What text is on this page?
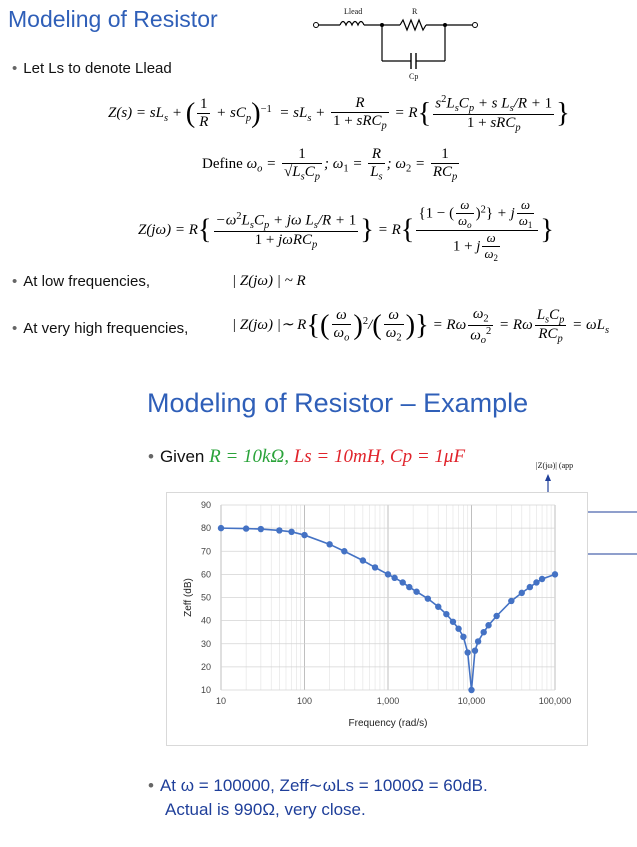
Modeling of Resistor	Llead	R
Cp
• Let Ls to denote Llead
$Z(s) = sL_s$ + ( $\frac{1}{R} + sC_p)^{-1} = sL_s + \frac{R}{1 + sRC_p} = R\{ \frac{s^2L_sC_p + s L_s/R + 1}{1 + sRC_p}$ }
Define $\omega_o = \frac{1}{√L_sC_p}$ ; $\omega_1 = \frac{R}{L_s}$ ; $\omega_2 = \frac{1}{RC_p}$
$Z(j\omega) = R\{ \frac{-\omega^2L_sC_p + j\omega L_s/R + 1}{1 + j\omega RC_p}$ } = $R\{ \frac{\{1 - ( \frac{\omega}{\omega_o} )^2\} + j \frac{\omega}{\omega_1}}{1 + j \frac{\omega}{\omega_2}}$ }
• At low frequencies,	| Z(jω) | ~ R
• At very high frequencies,	| Z(jω) |∼ $R\{( \frac{\omega}{\omega_o} )^2/( \frac{\omega}{\omega_2}$ )} = Rω $\frac{\omega_2}{\omega_o^2} = R\omega \frac{L_sC_p}{RC_p} = \omega L_s$
Modeling of Resistor – Example
• Given R = 10kΩ, Ls = 10mH, Cp = 1μF	|Z(jω)| (app
10
20
30
40
50
60
70
80
90
10	100	1,000	10,000	100,000
Frequency (rad/s)
Zeff (dB)
• At ω = 100000, Zeff∼ωLs = 1000Ω = 60dB.
Actual is 990Ω, very close.
